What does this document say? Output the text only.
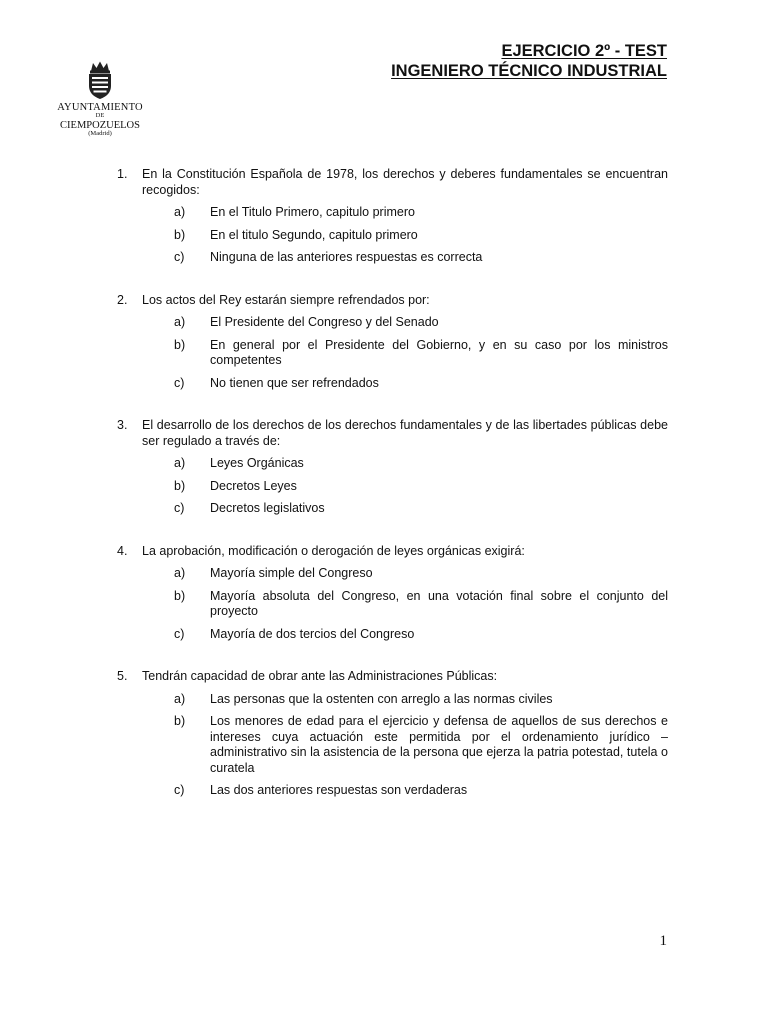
AYUNTAMIENTO
DE
CIEMPOZUELOS
(Madrid)
EJERCICIO 2º - TEST
INGENIERO TÉCNICO INDUSTRIAL
1.	En la Constitución Española de 1978, los derechos y deberes fundamentales se encuentran recogidos:
a)	En el Titulo Primero, capitulo primero
b)	En el titulo Segundo, capitulo primero
c)	Ninguna de las anteriores respuestas es correcta
2.	Los actos del Rey estarán siempre refrendados por:
a)	El Presidente del Congreso y del Senado
b)	En general por el Presidente del Gobierno, y en su caso por los ministros competentes
c)	No tienen que ser refrendados
3.	El desarrollo de los derechos de los derechos fundamentales y de las libertades públicas debe ser regulado a través de:
a)	Leyes Orgánicas
b)	Decretos Leyes
c)	Decretos legislativos
4.	La aprobación, modificación o derogación de leyes orgánicas exigirá:
a)	Mayoría simple del Congreso
b)	Mayoría absoluta del Congreso, en una votación final sobre el conjunto del proyecto
c)	Mayoría de dos tercios del Congreso
5.	Tendrán capacidad de obrar ante las Administraciones Públicas:
a)	Las personas que la ostenten con arreglo a las normas civiles
b)	Los menores de edad para el ejercicio y defensa de aquellos de sus derechos e intereses cuya actuación este permitida por el ordenamiento jurídico – administrativo sin la asistencia de la persona que ejerza la patria potestad, tutela o curatela
c)	Las dos anteriores respuestas son verdaderas
1
